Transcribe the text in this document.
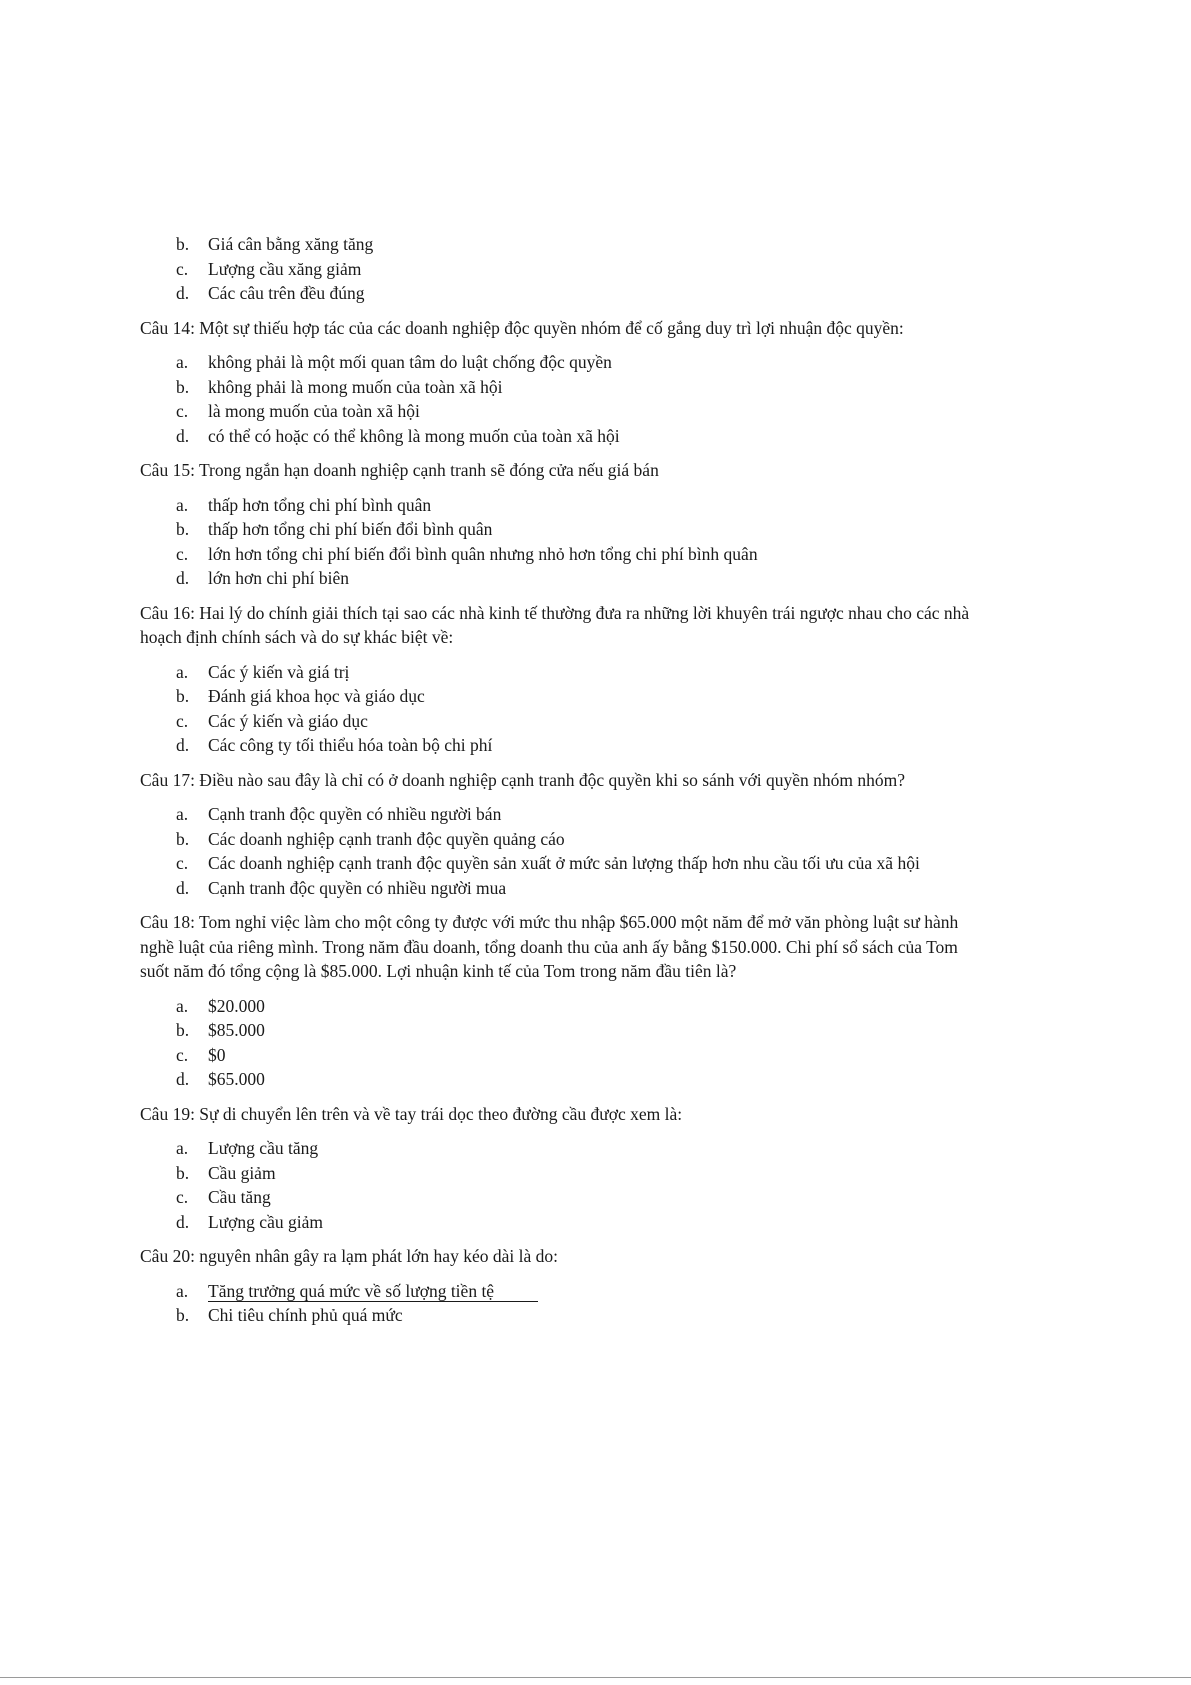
b. Giá cân bằng xăng tăng
c. Lượng cầu xăng giảm
d. Các câu trên đều đúng
Câu 14: Một sự thiếu hợp tác của các doanh nghiệp độc quyền nhóm để cố gắng duy trì lợi nhuận độc quyền:
a. không phải là một mối quan tâm do luật chống độc quyền
b. không phải là mong muốn của toàn xã hội
c. là mong muốn của toàn xã hội
d. có thể có hoặc có thể không là mong muốn của toàn xã hội
Câu 15: Trong ngắn hạn doanh nghiệp cạnh tranh sẽ đóng cửa nếu giá bán
a. thấp hơn tổng chi phí bình quân
b. thấp hơn tổng chi phí biến đổi bình quân
c. lớn hơn tổng chi phí biến đổi bình quân nhưng nhỏ hơn tổng chi phí bình quân
d. lớn hơn chi phí biên
Câu 16: Hai lý do chính giải thích tại sao các nhà kinh tế thường đưa ra những lời khuyên trái ngược nhau cho các nhà hoạch định chính sách và do sự khác biệt về:
a. Các ý kiến và giá trị
b. Đánh giá khoa học và giáo dục
c. Các ý kiến và giáo dục
d. Các công ty tối thiểu hóa toàn bộ chi phí
Câu 17: Điều nào sau đây là chỉ có ở doanh nghiệp cạnh tranh độc quyền khi so sánh với quyền nhóm nhóm?
a. Cạnh tranh độc quyền có nhiều người bán
b. Các doanh nghiệp cạnh tranh độc quyền quảng cáo
c. Các doanh nghiệp cạnh tranh độc quyền sản xuất ở mức sản lượng thấp hơn nhu cầu tối ưu của xã hội
d. Cạnh tranh độc quyền có nhiều người mua
Câu 18: Tom nghỉ việc làm cho một công ty được với mức thu nhập $65.000 một năm để mở văn phòng luật sư hành nghề luật của riêng mình. Trong năm đầu doanh, tổng doanh thu của anh ấy bằng $150.000. Chi phí sổ sách của Tom suốt năm đó tổng cộng là $85.000. Lợi nhuận kinh tế của Tom trong năm đầu tiên là?
a. $20.000
b. $85.000
c. $0
d. $65.000
Câu 19: Sự di chuyển lên trên và về tay trái dọc theo đường cầu được xem là:
a. Lượng cầu tăng
b. Cầu giảm
c. Cầu tăng
d. Lượng cầu giảm
Câu 20: nguyên nhân gây ra lạm phát lớn hay kéo dài là do:
a. Tăng trưởng quá mức về số lượng tiền tệ
b. Chi tiêu chính phủ quá mức
